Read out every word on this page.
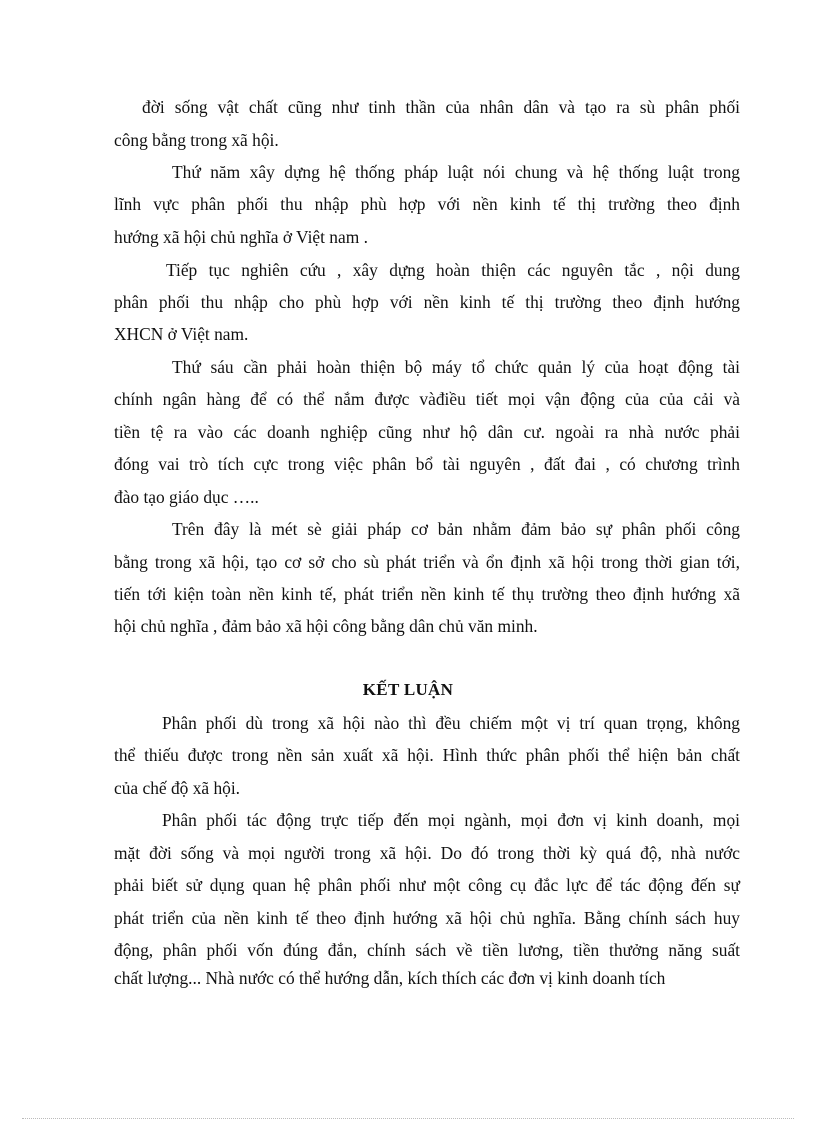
đời sống vật chất cũng như tinh thần của nhân dân và tạo ra sù phân phối
công bằng trong xã hội.
Thứ năm xây dựng hệ thống pháp luật nói chung và hệ thống luật trong
lĩnh vực phân phối thu nhập phù hợp với nền kinh tế thị trường theo định
hướng xã hội chủ nghĩa ở Việt nam .
Tiếp tục nghiên cứu , xây dựng hoàn thiện các nguyên tắc , nội dung
phân phối thu nhập cho phù hợp với nền kinh tế thị trường theo định hướng
XHCN ở Việt nam.
Thứ sáu cần phải hoàn thiện bộ máy tổ chức quản lý của hoạt động tài
chính ngân hàng để có thể nắm được vàđiều tiết mọi vận động của của cải và
tiền tệ ra vào các doanh nghiệp cũng như hộ dân cư. ngoài ra nhà nước phải
đóng vai trò tích cực trong việc phân bổ tài nguyên , đất đai , có chương trình
đào tạo giáo dục …..
Trên đây là mét sè giải pháp cơ bản nhằm đảm bảo sự phân phối công
bằng trong xã hội, tạo cơ sở cho sù phát triển và ổn định xã hội trong thời gian tới,
tiến tới kiện toàn nền kinh tế, phát triển nền kinh tế thụ trường theo định hướng xã
hội chủ nghĩa , đảm bảo xã hội công bằng dân chủ văn minh.
KẾT LUẬN
Phân phối dù trong xã hội nào thì đều chiếm một vị trí quan trọng, không
thể thiếu được trong nền sản xuất xã hội. Hình thức phân phối thể hiện bản chất
của chế độ xã hội.
Phân phối tác động trực tiếp đến mọi ngành, mọi đơn vị kinh doanh, mọi
mặt đời sống và mọi người trong xã hội. Do đó trong thời kỳ quá độ, nhà nước
phải biết sử dụng quan hệ phân phối như một công cụ đắc lực để tác động đến sự
phát triển của nền kinh tế theo định hướng xã hội chủ nghĩa. Bằng chính sách huy
động, phân phối vốn đúng đắn, chính sách về tiền lương, tiền thưởng năng suất
chất lượng... Nhà nước có thể hướng dẫn, kích thích các đơn vị kinh doanh tích
